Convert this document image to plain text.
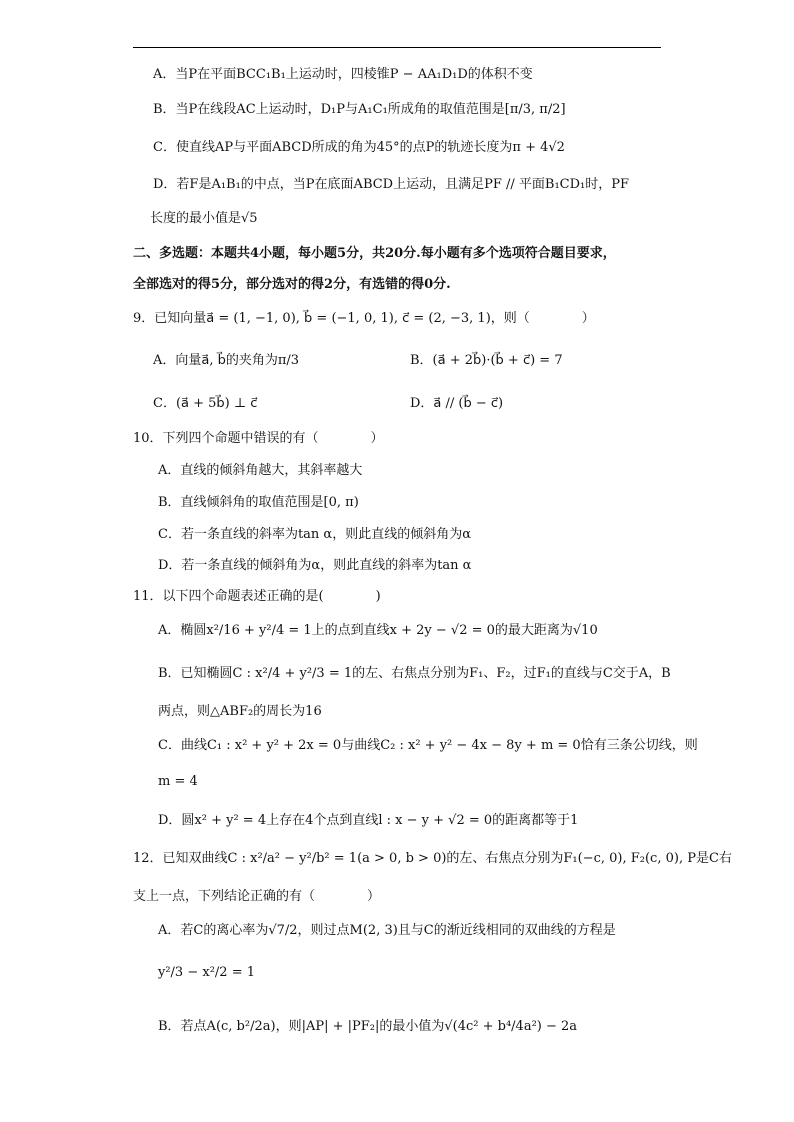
A．当P在平面BCC₁B₁上运动时，四棱锥P − AA₁D₁D的体积不变
B．当P在线段AC上运动时，D₁P与A₁C₁所成角的取值范围是[π/3, π/2]
C．使直线AP与平面ABCD所成的角为45°的点P的轨迹长度为π + 4√2
D．若F是A₁B₁的中点，当P在底面ABCD上运动，且满足PF // 平面B₁CD₁时，PF
长度的最小值是√5
二、多选题：本题共4小题，每小题5分，共20分.每小题有多个选项符合题目要求，
全部选对的得5分，部分选对的得2分，有选错的得0分.
9．已知向量a⃗ = (1, −1, 0), b⃗ = (−1, 0, 1), c⃗ = (2, −3, 1)，则（　　　　）
A．向量a⃗, b⃗的夹角为π/3	B．(a⃗ + 2b⃗)·(b⃗ + c⃗) = 7
C．(a⃗ + 5b⃗) ⊥ c⃗	D．a⃗ // (b⃗ − c⃗)
10．下列四个命题中错误的有（　　　　）
A．直线的倾斜角越大，其斜率越大
B．直线倾斜角的取值范围是[0, π)
C．若一条直线的斜率为tan α，则此直线的倾斜角为α
D．若一条直线的倾斜角为α，则此直线的斜率为tan α
11．以下四个命题表述正确的是(　　　　)
A．椭圆x²/16 + y²/4 = 1上的点到直线x + 2y − √2 = 0的最大距离为√10
B．已知椭圆C : x²/4 + y²/3 = 1的左、右焦点分别为F₁、F₂，过F₁的直线与C交于A，B
两点，则△ABF₂的周长为16
C．曲线C₁ : x² + y² + 2x = 0与曲线C₂ : x² + y² − 4x − 8y + m = 0恰有三条公切线，则
m = 4
D．圆x² + y² = 4上存在4个点到直线l : x − y + √2 = 0的距离都等于1
12．已知双曲线C : x²/a² − y²/b² = 1(a > 0, b > 0)的左、右焦点分别为F₁(−c, 0), F₂(c, 0), P是C右
支上一点，下列结论正确的有（　　　　）
A．若C的离心率为√7/2，则过点M(2, 3)且与C的渐近线相同的双曲线的方程是
y²/3 − x²/2 = 1
B．若点A(c, b²/2a)，则|AP| + |PF₂|的最小值为√(4c² + b⁴/4a²) − 2a
